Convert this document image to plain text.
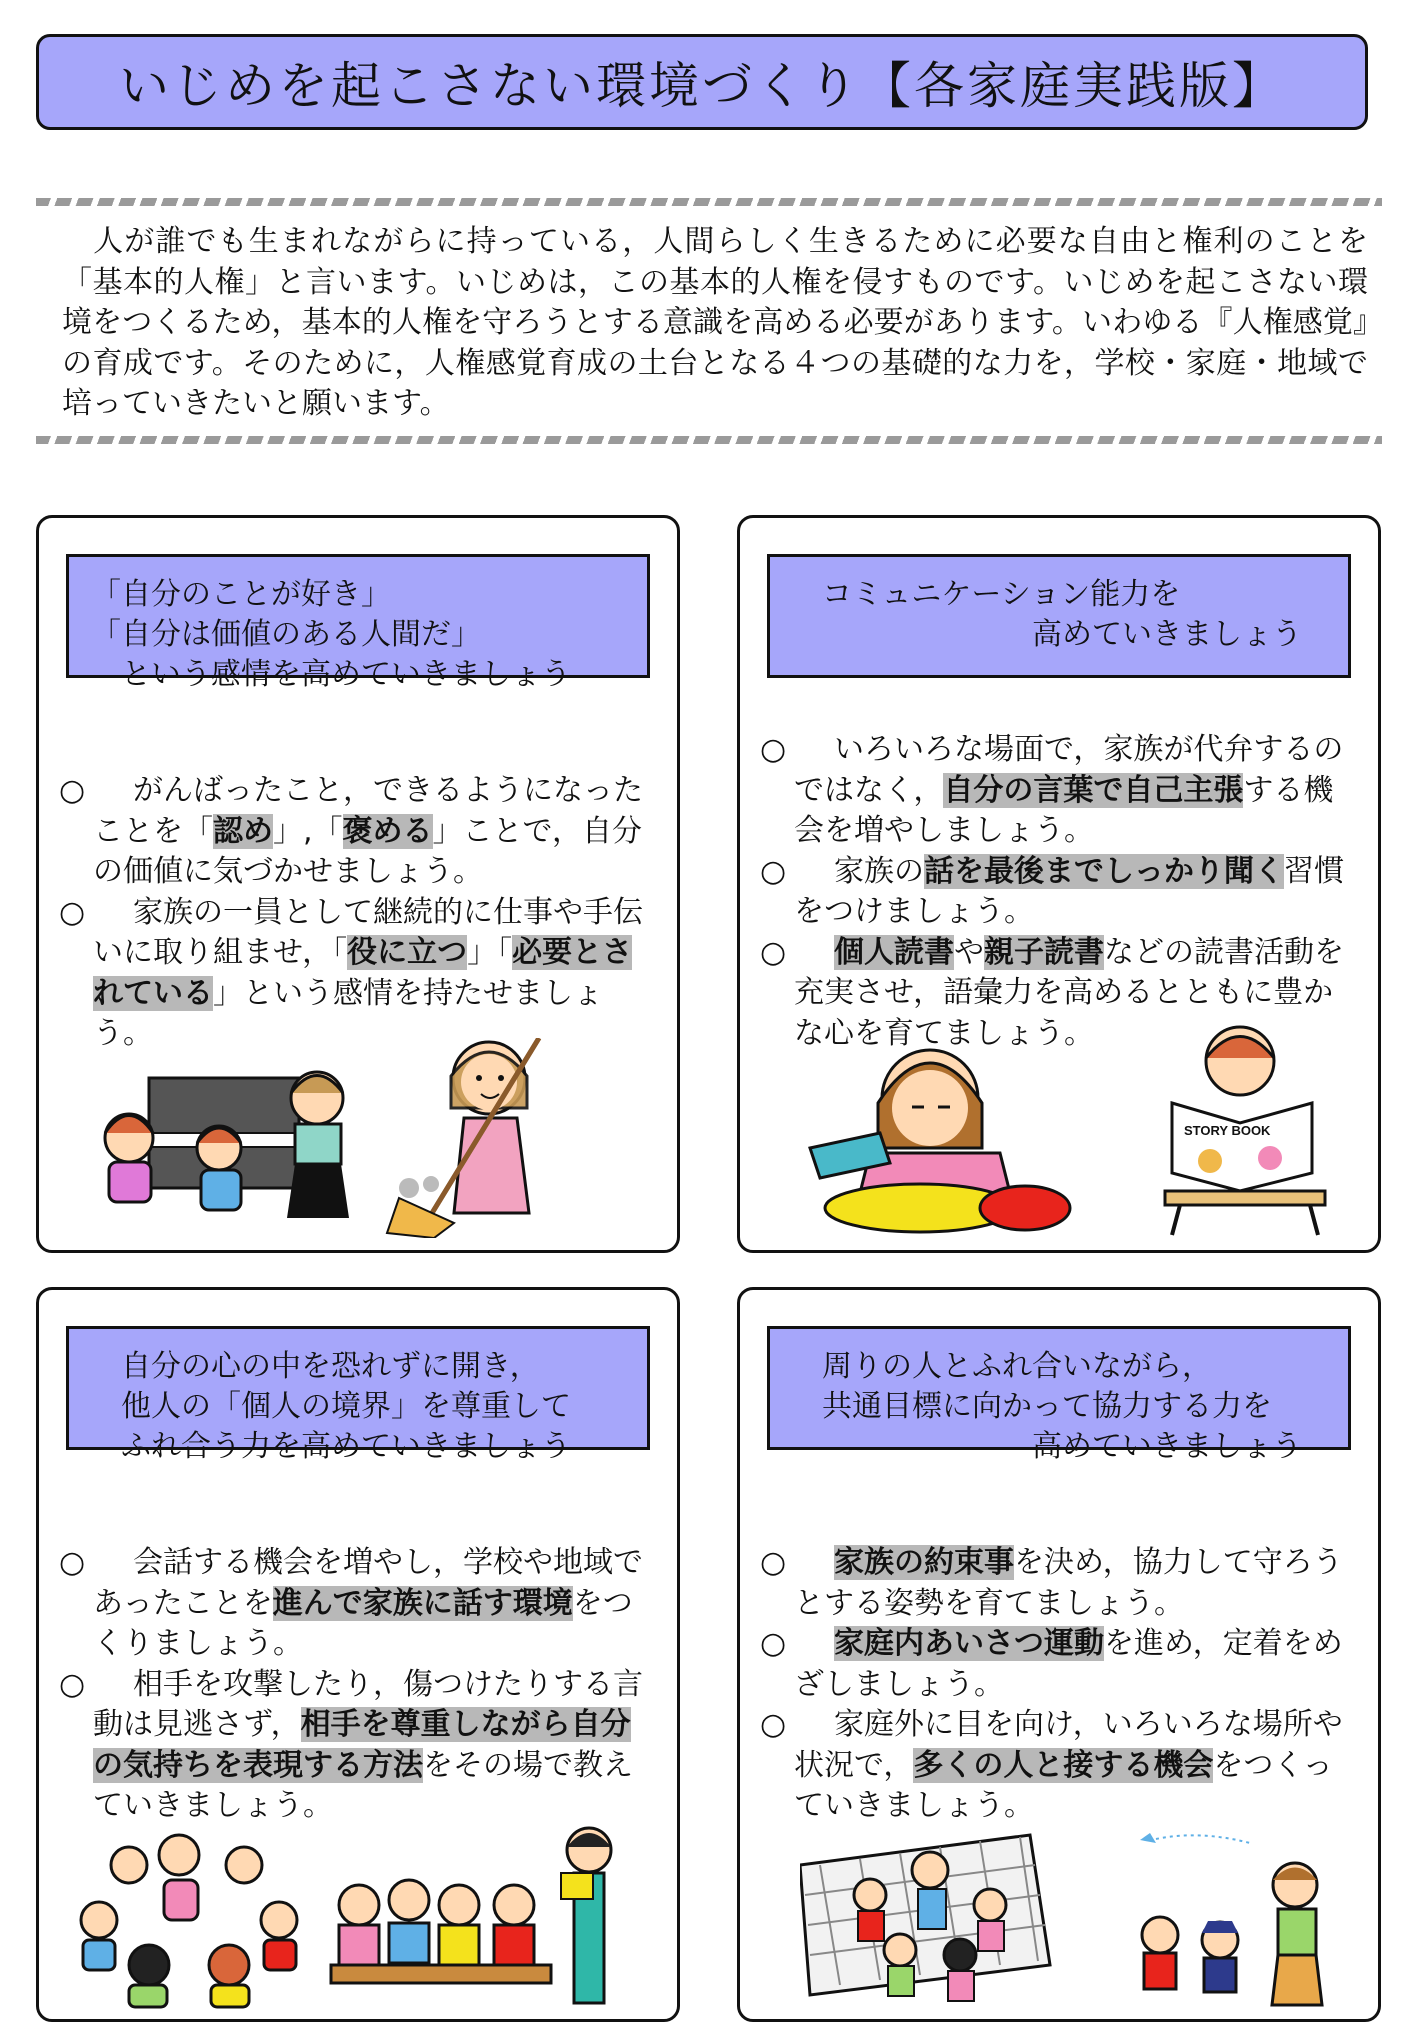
いじめを起こさない環境づくり【各家庭実践版】

　人が誰でも生まれながらに持っている，人間らしく生きるために必要な自由と権利のことを「基本的人権」と言います。いじめは，この基本的人権を侵すものです。いじめを起こさない環境をつくるため，基本的人権を守ろうとする意識を高める必要があります。いわゆる『人権感覚』の育成です。そのために，人権感覚育成の土台となる４つの基礎的な力を，学校・家庭・地域で培っていきたいと願います。

「自分のことが好き」
「自分は価値のある人間だ」
　という感情を高めていきましょう
○ がんばったこと，できるようになったことを「認め」,「褒める」ことで，自分の価値に気づかせましょう。
○ 家族の一員として継続的に仕事や手伝いに取り組ませ，「役に立つ」「必要とされている」という感情を持たせましょう。
　コミュニケーション能力を
　　　　　　　　高めていきましょう
○ いろいろな場面で，家族が代弁するのではなく，自分の言葉で自己主張する機会を増やしましょう。
○ 家族の話を最後までしっかり聞く習慣をつけましょう。
○ 個人読書や親子読書などの読書活動を充実させ，語彙力を高めるとともに豊かな心を育てましょう。
STORY BOOK
　自分の心の中を恐れずに開き，
　他人の「個人の境界」を尊重して
　ふれ合う力を高めていきましょう
○ 会話する機会を増やし，学校や地域であったことを進んで家族に話す環境をつくりましょう。
○ 相手を攻撃したり，傷つけたりする言動は見逃さず，相手を尊重しながら自分の気持ちを表現する方法をその場で教えていきましょう。
　周りの人とふれ合いながら，
　共通目標に向かって協力する力を
　　　　　　　　高めていきましょう
○ 家族の約束事を決め，協力して守ろうとする姿勢を育てましょう。
○ 家庭内あいさつ運動を進め，定着をめざしましょう。
○ 家庭外に目を向け，いろいろな場所や状況で，多くの人と接する機会をつくっていきましょう。
